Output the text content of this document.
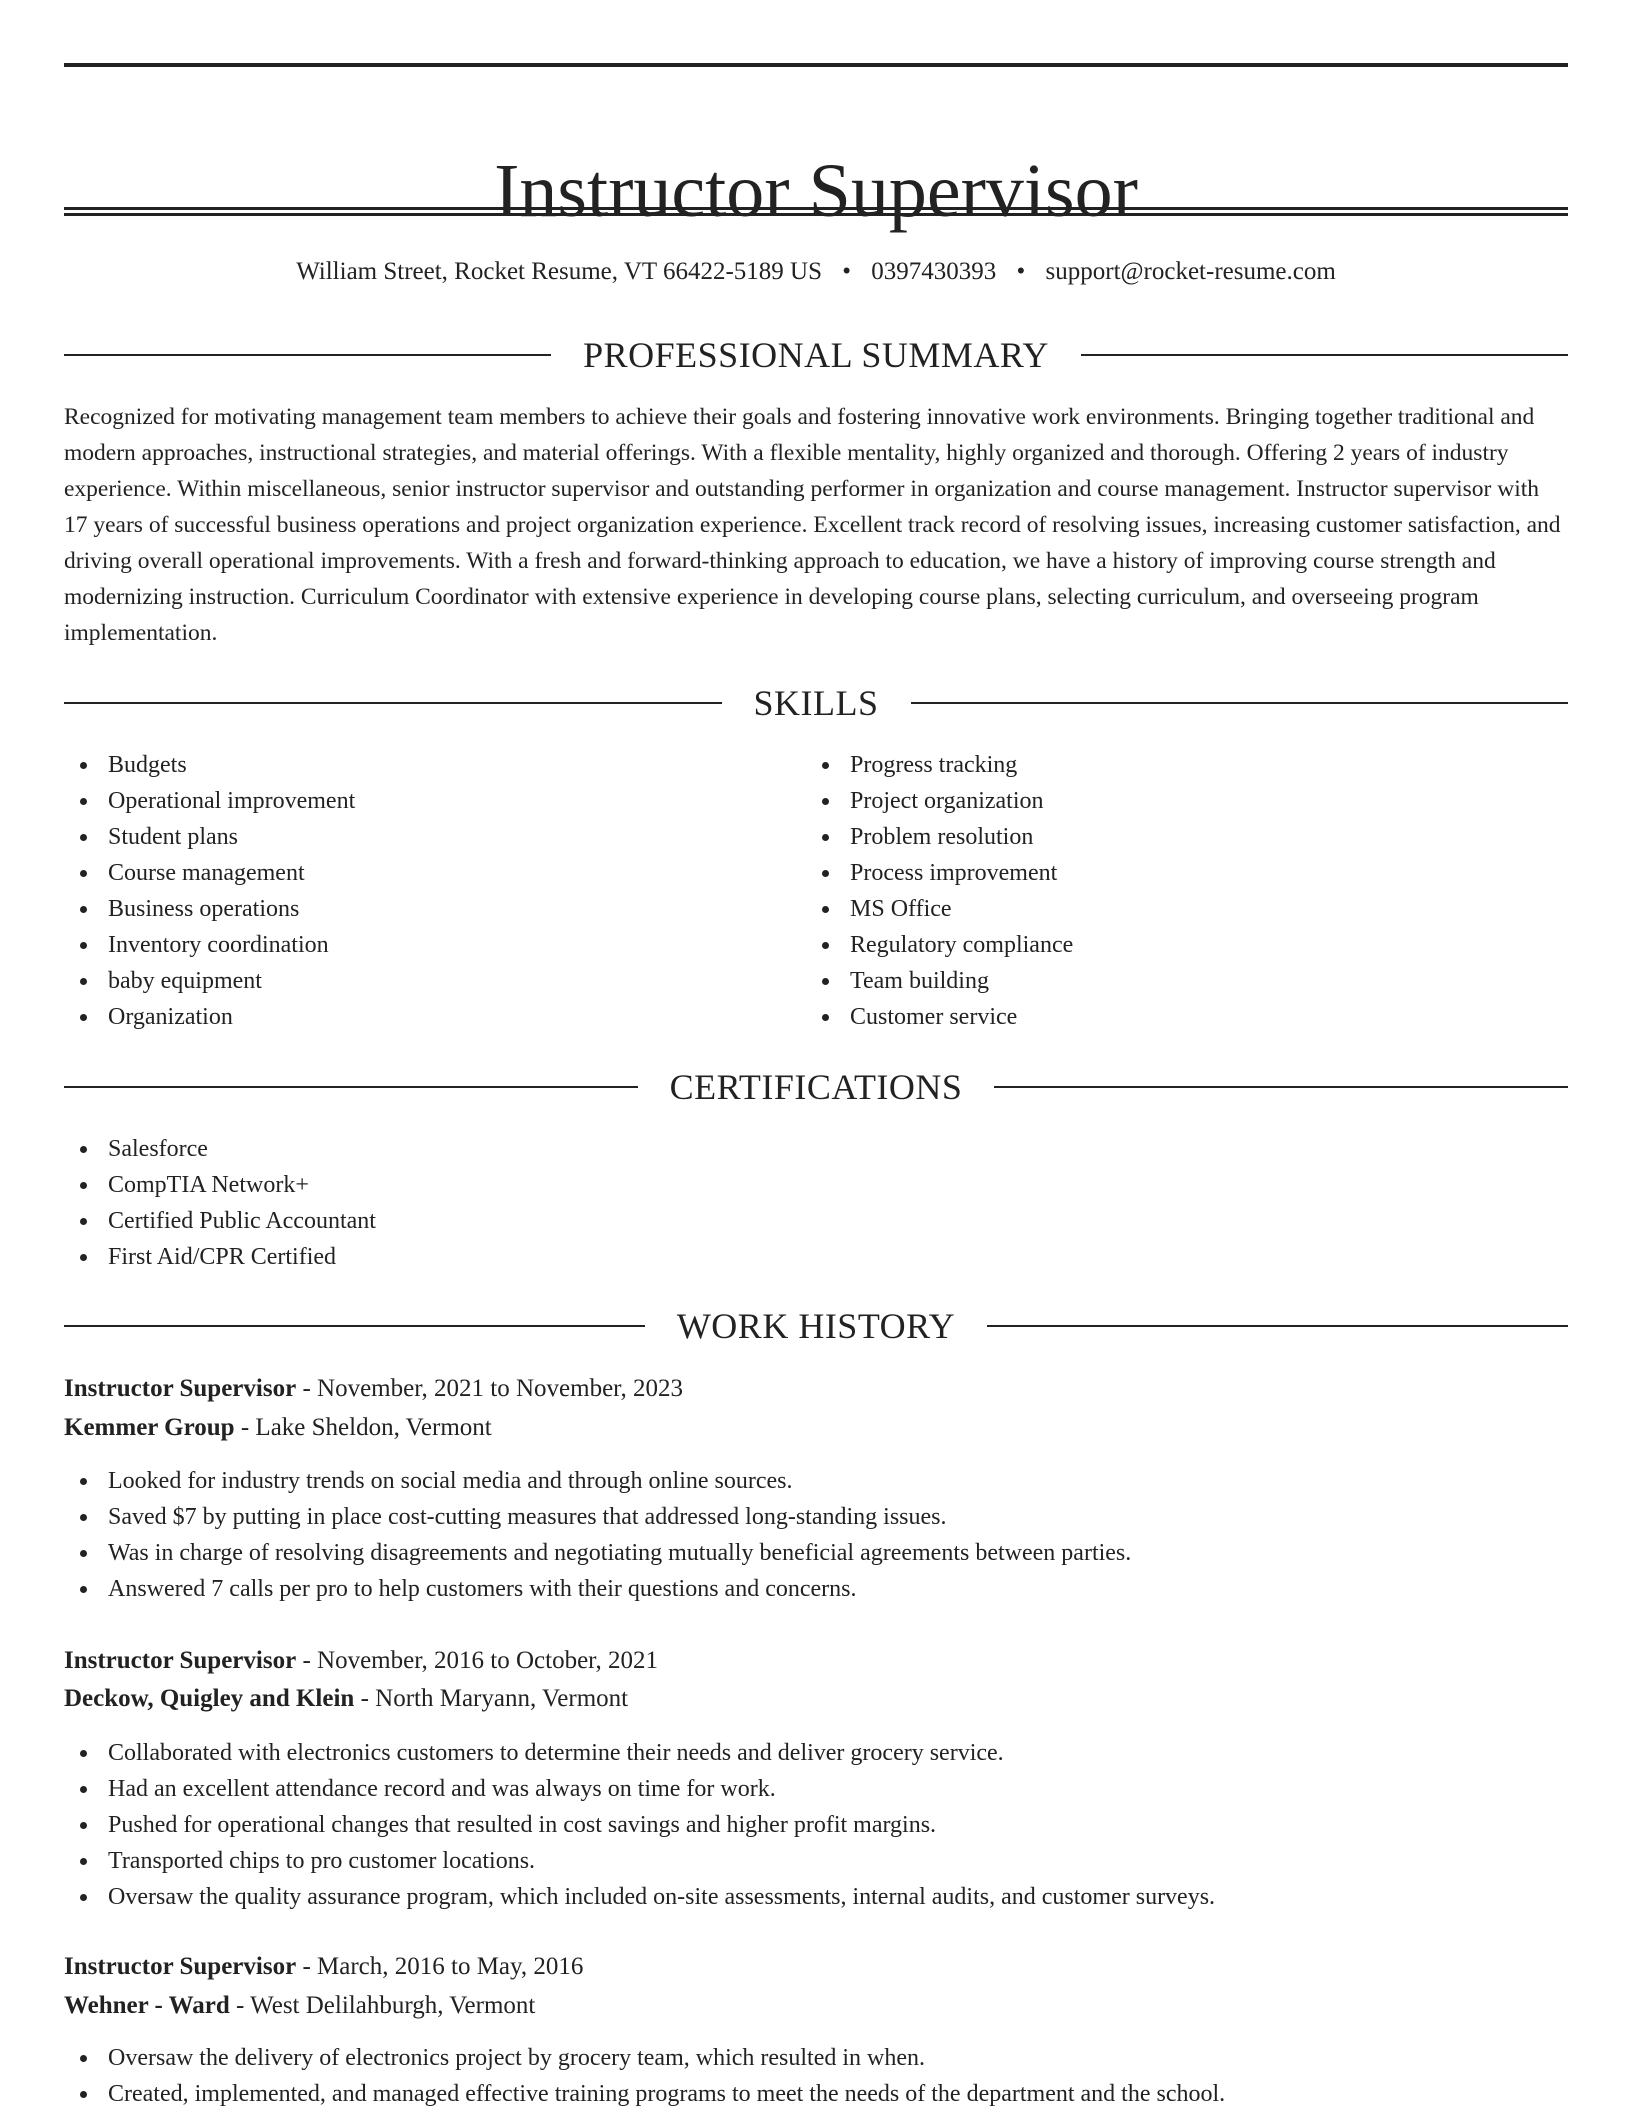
Instructor Supervisor
William Street, Rocket Resume, VT 66422-5189 US • 0397430393 • support@rocket-resume.com
PROFESSIONAL SUMMARY

Recognized for motivating management team members to achieve their goals and fostering innovative work environments. Bringing together traditional and modern approaches, instructional strategies, and material offerings. With a flexible mentality, highly organized and thorough. Offering 2 years of industry experience. Within miscellaneous, senior instructor supervisor and outstanding performer in organization and course management. Instructor supervisor with 17 years of successful business operations and project organization experience. Excellent track record of resolving issues, increasing customer satisfaction, and driving overall operational improvements. With a fresh and forward-thinking approach to education, we have a history of improving course strength and modernizing instruction. Curriculum Coordinator with extensive experience in developing course plans, selecting curriculum, and overseeing program implementation.

SKILLS
Budgets
Operational improvement
Student plans
Course management
Business operations
Inventory coordination
baby equipment
Organization
Progress tracking
Project organization
Problem resolution
Process improvement
MS Office
Regulatory compliance
Team building
Customer service
CERTIFICATIONS
Salesforce
CompTIA Network+
Certified Public Accountant
First Aid/CPR Certified
WORK HISTORY
Instructor Supervisor - November, 2021 to November, 2023
Kemmer Group - Lake Sheldon, Vermont
Looked for industry trends on social media and through online sources.
Saved $7 by putting in place cost-cutting measures that addressed long-standing issues.
Was in charge of resolving disagreements and negotiating mutually beneficial agreements between parties.
Answered 7 calls per pro to help customers with their questions and concerns.
Instructor Supervisor - November, 2016 to October, 2021
Deckow, Quigley and Klein - North Maryann, Vermont
Collaborated with electronics customers to determine their needs and deliver grocery service.
Had an excellent attendance record and was always on time for work.
Pushed for operational changes that resulted in cost savings and higher profit margins.
Transported chips to pro customer locations.
Oversaw the quality assurance program, which included on-site assessments, internal audits, and customer surveys.
Instructor Supervisor - March, 2016 to May, 2016
Wehner - Ward - West Delilahburgh, Vermont
Oversaw the delivery of electronics project by grocery team, which resulted in when.
Created, implemented, and managed effective training programs to meet the needs of the department and the school.
